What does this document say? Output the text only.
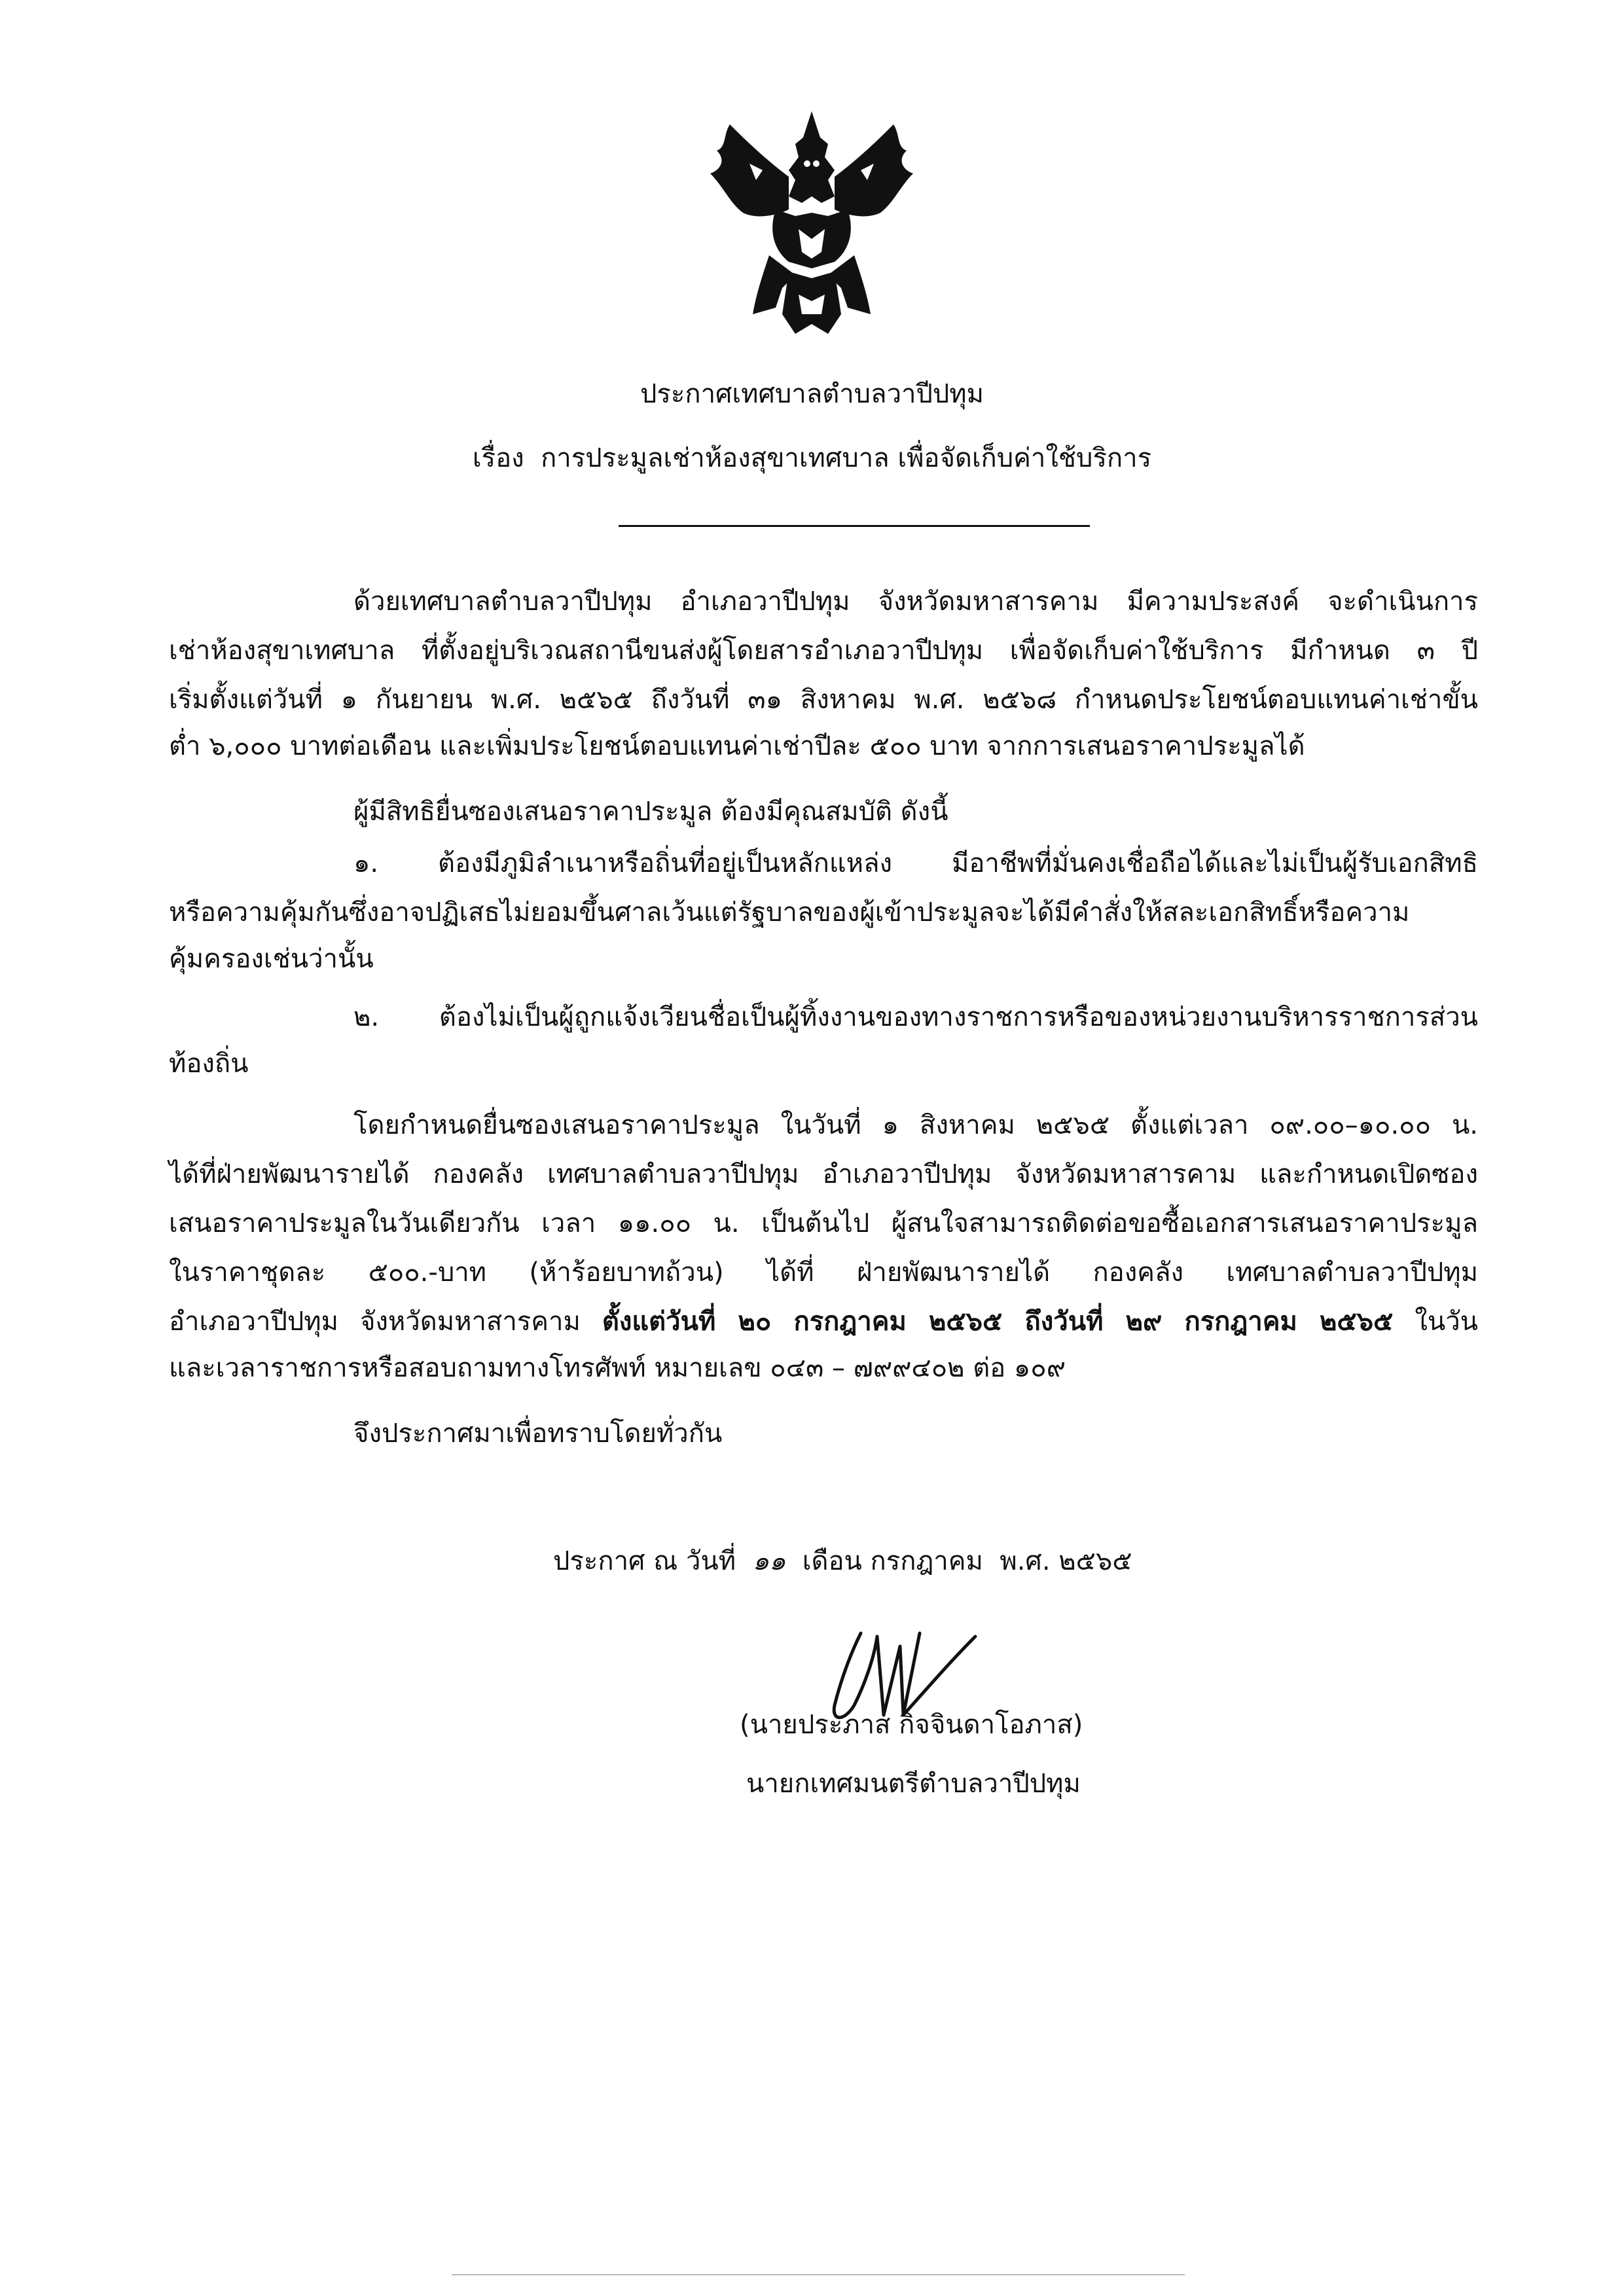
ประกาศเทศบาลตำบลวาปีปทุม
เรื่อง การประมูลเช่าห้องสุขาเทศบาล เพื่อจัดเก็บค่าใช้บริการ
ด้วยเทศบาลตำบลวาปีปทุม อำเภอวาปีปทุม จังหวัดมหาสารคาม มีความประสงค์ จะดำเนินการ
เช่าห้องสุขาเทศบาล ที่ตั้งอยู่บริเวณสถานีขนส่งผู้โดยสารอำเภอวาปีปทุม เพื่อจัดเก็บค่าใช้บริการ มีกำหนด ๓ ปี
เริ่มตั้งแต่วันที่ ๑ กันยายน พ.ศ. ๒๕๖๕ ถึงวันที่ ๓๑ สิงหาคม พ.ศ. ๒๕๖๘ กำหนดประโยชน์ตอบแทนค่าเช่าขั้น
ต่ำ ๖,๐๐๐ บาทต่อเดือน และเพิ่มประโยชน์ตอบแทนค่าเช่าปีละ ๕๐๐ บาท จากการเสนอราคาประมูลได้
ผู้มีสิทธิยื่นซองเสนอราคาประมูล ต้องมีคุณสมบัติ ดังนี้
๑. ต้องมีภูมิลำเนาหรือถิ่นที่อยู่เป็นหลักแหล่ง มีอาชีพที่มั่นคงเชื่อถือได้และไม่เป็นผู้รับเอกสิทธิ
หรือความคุ้มกันซึ่งอาจปฏิเสธไม่ยอมขึ้นศาลเว้นแต่รัฐบาลของผู้เข้าประมูลจะได้มีคำสั่งให้สละเอกสิทธิ์หรือความ
คุ้มครองเช่นว่านั้น
๒. ต้องไม่เป็นผู้ถูกแจ้งเวียนชื่อเป็นผู้ทิ้งงานของทางราชการหรือของหน่วยงานบริหารราชการส่วน
ท้องถิ่น
โดยกำหนดยื่นซองเสนอราคาประมูล ในวันที่ ๑ สิงหาคม ๒๕๖๕ ตั้งแต่เวลา ๐๙.๐๐–๑๐.๐๐ น.
ได้ที่ฝ่ายพัฒนารายได้ กองคลัง เทศบาลตำบลวาปีปทุม อำเภอวาปีปทุม จังหวัดมหาสารคาม และกำหนดเปิดซอง
เสนอราคาประมูลในวันเดียวกัน เวลา ๑๑.๐๐ น. เป็นต้นไป ผู้สนใจสามารถติดต่อขอซื้อเอกสารเสนอราคาประมูล
ในราคาชุดละ ๕๐๐.-บาท (ห้าร้อยบาทถ้วน) ได้ที่ ฝ่ายพัฒนารายได้ กองคลัง เทศบาลตำบลวาปีปทุม
อำเภอวาปีปทุม จังหวัดมหาสารคาม ตั้งแต่วันที่ ๒๐ กรกฎาคม ๒๕๖๕ ถึงวันที่ ๒๙ กรกฎาคม ๒๕๖๕ ในวัน
และเวลาราชการหรือสอบถามทางโทรศัพท์ หมายเลข ๐๔๓ – ๗๙๙๔๐๒ ต่อ ๑๐๙
จึงประกาศมาเพื่อทราบโดยทั่วกัน
ประกาศ ณ วันที่ ๑๑ เดือน กรกฎาคม พ.ศ. ๒๕๖๕
(นายประภาส กิจจินดาโอภาส)
นายกเทศมนตรีตำบลวาปีปทุม
